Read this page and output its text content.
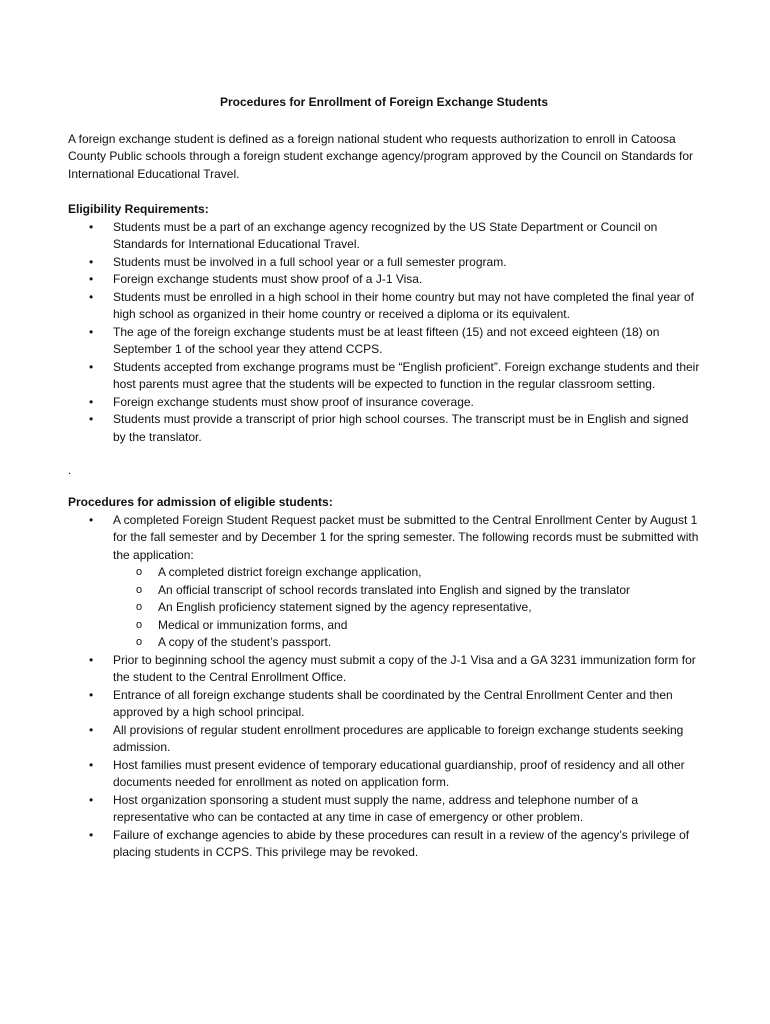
Procedures for Enrollment of Foreign Exchange Students

A foreign exchange student is defined as a foreign national student who requests authorization to enroll in Catoosa County Public schools through a foreign student exchange agency/program approved by the Council on Standards for International Educational Travel.

Eligibility Requirements:

• Students must be a part of an exchange agency recognized by the US State Department or Council on Standards for International Educational Travel.
• Students must be involved in a full school year or a full semester program.
• Foreign exchange students must show proof of a J-1 Visa.
• Students must be enrolled in a high school in their home country but may not have completed the final year of high school as organized in their home country or received a diploma or its equivalent.
• The age of the foreign exchange students must be at least fifteen (15) and not exceed eighteen (18) on September 1 of the school year they attend CCPS.
• Students accepted from exchange programs must be “English proficient”. Foreign exchange students and their host parents must agree that the students will be expected to function in the regular classroom setting.
• Foreign exchange students must show proof of insurance coverage.
• Students must provide a transcript of prior high school courses. The transcript must be in English and signed by the translator.

.

Procedures for admission of eligible students:

• A completed Foreign Student Request packet must be submitted to the Central Enrollment Center by August 1 for the fall semester and by December 1 for the spring semester. The following records must be submitted with the application:
o A completed district foreign exchange application,
o An official transcript of school records translated into English and signed by the translator
o An English proficiency statement signed by the agency representative,
o Medical or immunization forms, and
o A copy of the student’s passport.
• Prior to beginning school the agency must submit a copy of the J-1 Visa and a GA 3231 immunization form for the student to the Central Enrollment Office.
• Entrance of all foreign exchange students shall be coordinated by the Central Enrollment Center and then approved by a high school principal.
• All provisions of regular student enrollment procedures are applicable to foreign exchange students seeking admission.
• Host families must present evidence of temporary educational guardianship, proof of residency and all other documents needed for enrollment as noted on application form.
• Host organization sponsoring a student must supply the name, address and telephone number of a representative who can be contacted at any time in case of emergency or other problem.
• Failure of exchange agencies to abide by these procedures can result in a review of the agency’s privilege of placing students in CCPS. This privilege may be revoked.
